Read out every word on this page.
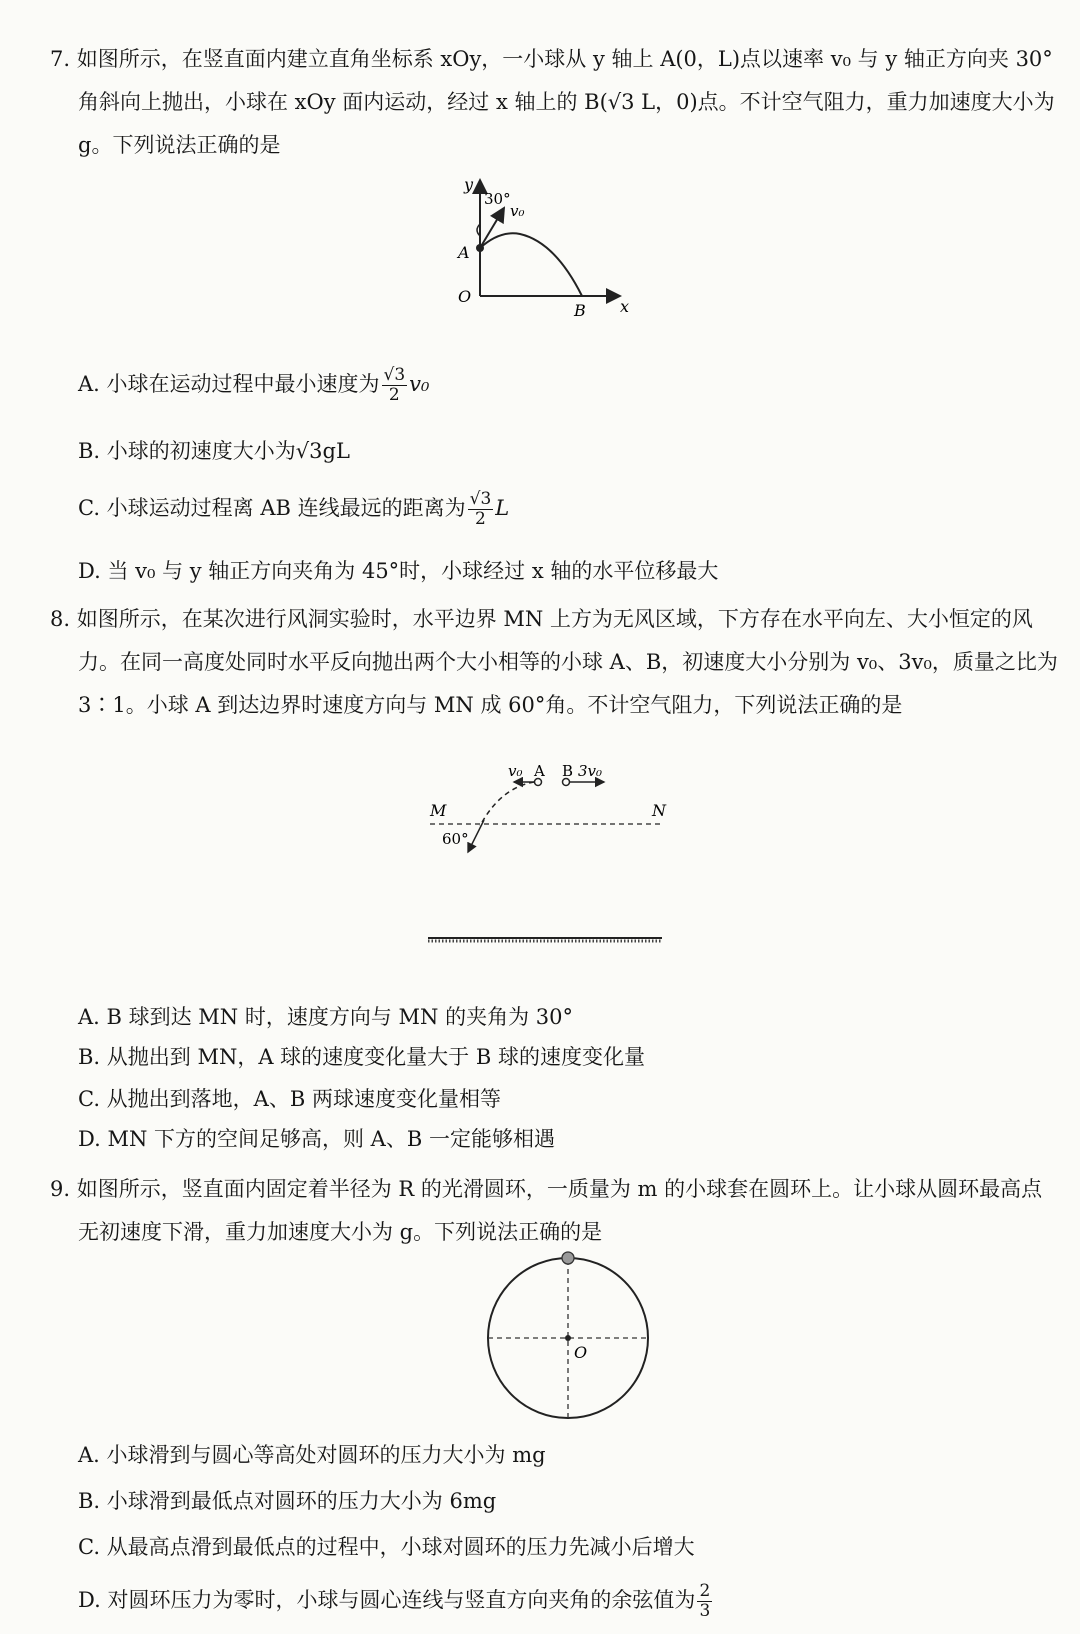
7. 如图所示，在竖直面内建立直角坐标系 xOy，一小球从 y 轴上 A(0，L)点以速率 v₀ 与 y 轴正方向夹 30°角斜向上抛出，小球在 xOy 面内运动，经过 x 轴上的 B(√3 L，0)点。不计空气阻力，重力加速度大小为 g。下列说法正确的是
y
30°
v₀
A
O
B x
A. 小球在运动过程中最小速度为 $\frac{√3}{2} v_0$
B. 小球的初速度大小为√3gL
C. 小球运动过程离 AB 连线最远的距离为 $\frac{√3}{2}$ L
D. 当 v₀ 与 y 轴正方向夹角为 45°时，小球经过 x 轴的水平位移最大
8. 如图所示，在某次进行风洞实验时，水平边界 MN 上方为无风区域，下方存在水平向左、大小恒定的风力。在同一高度处同时水平反向抛出两个大小相等的小球 A、B，初速度大小分别为 v₀、3v₀，质量之比为 3∶1。小球 A 到达边界时速度方向与 MN 成 60°角。不计空气阻力，下列说法正确的是
v₀ A B 3v₀
M	N
60°
A. B 球到达 MN 时，速度方向与 MN 的夹角为 30°
B. 从抛出到 MN，A 球的速度变化量大于 B 球的速度变化量
C. 从抛出到落地，A、B 两球速度变化量相等
D. MN 下方的空间足够高，则 A、B 一定能够相遇
9. 如图所示，竖直面内固定着半径为 R 的光滑圆环，一质量为 m 的小球套在圆环上。让小球从圆环最高点无初速度下滑，重力加速度大小为 g。下列说法正确的是
O
A. 小球滑到与圆心等高处对圆环的压力大小为 mg
B. 小球滑到最低点对圆环的压力大小为 6mg
C. 从最高点滑到最低点的过程中，小球对圆环的压力先减小后增大
D. 对圆环压力为零时，小球与圆心连线与竖直方向夹角的余弦值为 $\frac{2}{3}$
